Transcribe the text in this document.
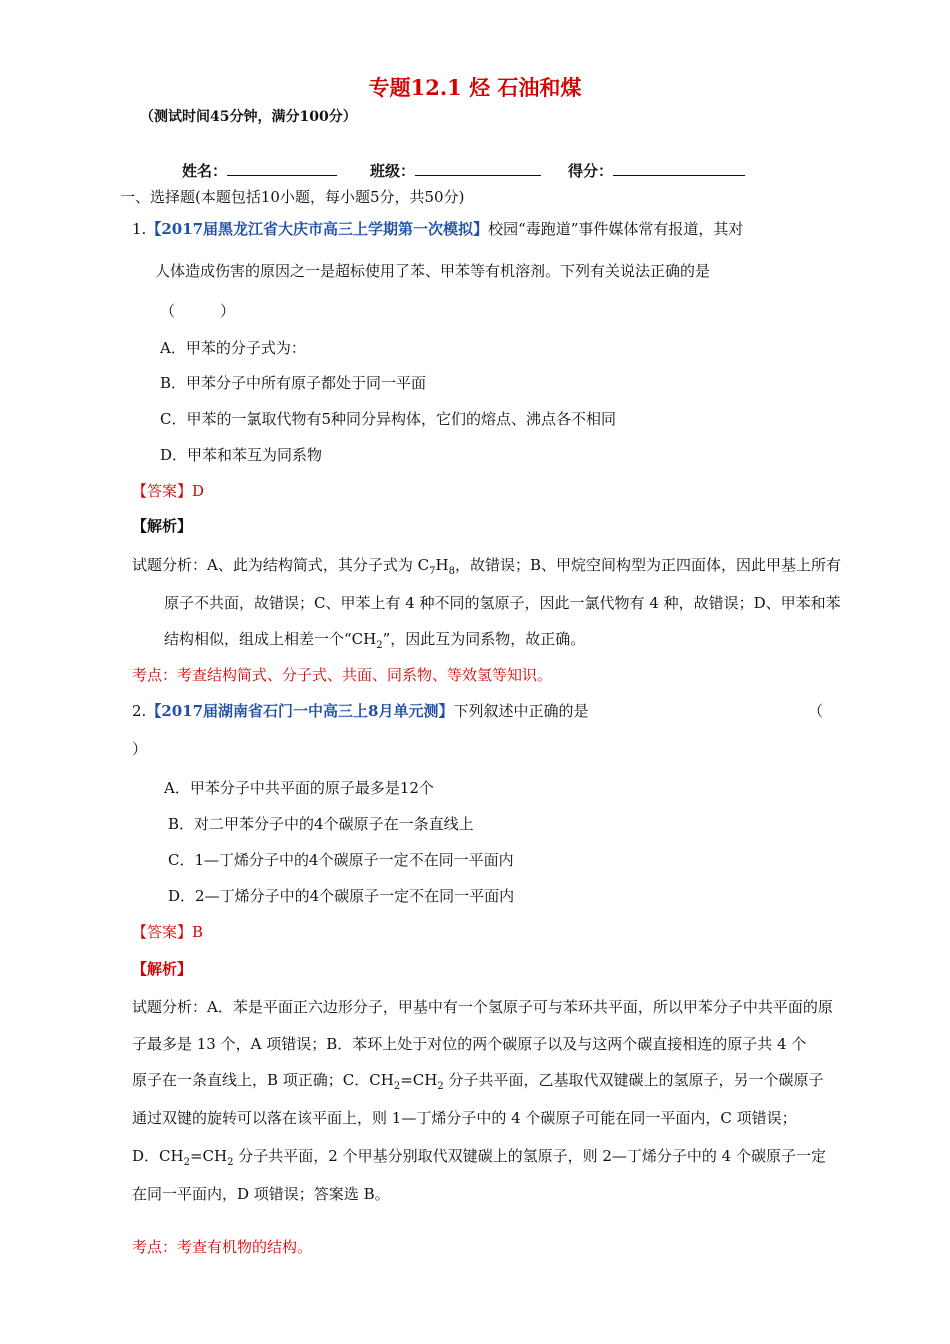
专题12.1 烃 石油和煤
（测试时间45分钟，满分100分）
姓名：	班级：	得分：
一、选择题(本题包括10小题，每小题5分，共50分)
1.【2017届黑龙江省大庆市高三上学期第一次模拟】校园“毒跑道”事件媒体常有报道，其对
人体造成伤害的原因之一是超标使用了苯、甲苯等有机溶剂。下列有关说法正确的是
（　　　）
A．甲苯的分子式为：
B．甲苯分子中所有原子都处于同一平面
C．甲苯的一氯取代物有5种同分异构体，它们的熔点、沸点各不相同
D．甲苯和苯互为同系物
【答案】D
【解析】
试题分析：A、此为结构简式，其分子式为 $C_7H_8$，故错误；B、甲烷空间构型为正四面体，因此甲基上所有
原子不共面，故错误；C、甲苯上有 4 种不同的氢原子，因此一氯代物有 4 种，故错误；D、甲苯和苯
结构相似，组成上相差一个“$CH_2$”，因此互为同系物，故正确。
考点：考查结构简式、分子式、共面、同系物、等效氢等知识。
2.【2017届湖南省石门一中高三上8月单元测】下列叙述中正确的是	（
）
A．甲苯分子中共平面的原子最多是12个
B．对二甲苯分子中的4个碳原子在一条直线上
C．1—丁烯分子中的4个碳原子一定不在同一平面内
D．2—丁烯分子中的4个碳原子一定不在同一平面内
【答案】B
【解析】
试题分析：A．苯是平面正六边形分子，甲基中有一个氢原子可与苯环共平面，所以甲苯分子中共平面的原
子最多是 13 个，A 项错误；B．苯环上处于对位的两个碳原子以及与这两个碳直接相连的原子共 4 个
原子在一条直线上，B 项正确；C．$CH_2=CH_2$ 分子共平面，乙基取代双键碳上的氢原子，另一个碳原子
通过双键的旋转可以落在该平面上，则 1—丁烯分子中的 4 个碳原子可能在同一平面内，C 项错误；
D．$CH_2=CH_2$ 分子共平面，2 个甲基分别取代双键碳上的氢原子，则 2—丁烯分子中的 4 个碳原子一定
在同一平面内，D 项错误；答案选 B。
考点：考查有机物的结构。
